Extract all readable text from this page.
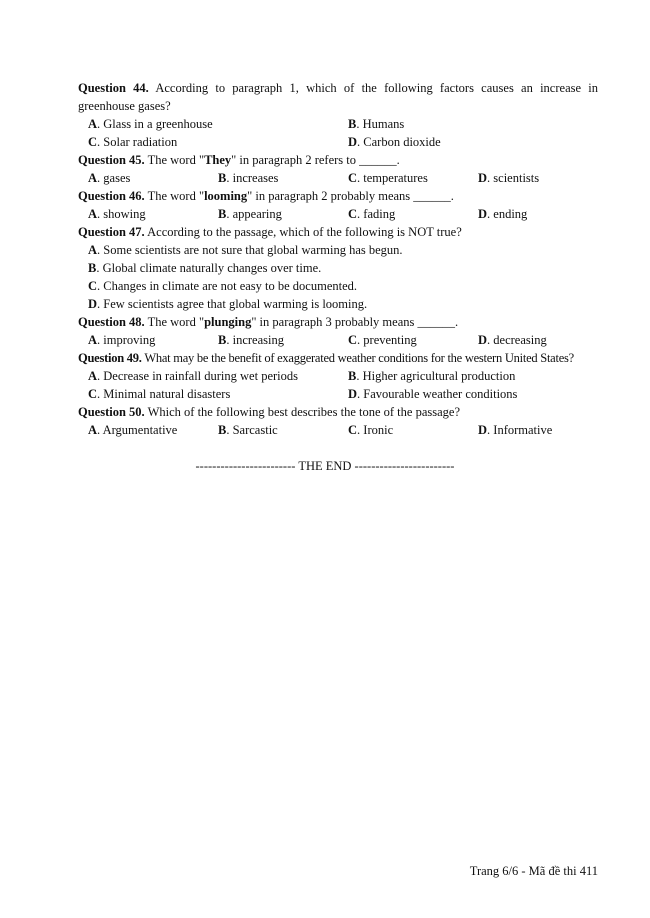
Question 44. According to paragraph 1, which of the following factors causes an increase in greenhouse gases?
A. Glass in a greenhouse	B. Humans
C. Solar radiation	D. Carbon dioxide
Question 45. The word "They" in paragraph 2 refers to ______.
A. gases	B. increases	C. temperatures	D. scientists
Question 46. The word "looming" in paragraph 2 probably means ______.
A. showing	B. appearing	C. fading	D. ending
Question 47. According to the passage, which of the following is NOT true?
A. Some scientists are not sure that global warming has begun.
B. Global climate naturally changes over time.
C. Changes in climate are not easy to be documented.
D. Few scientists agree that global warming is looming.
Question 48. The word "plunging" in paragraph 3 probably means ______.
A. improving	B. increasing	C. preventing	D. decreasing
Question 49. What may be the benefit of exaggerated weather conditions for the western United States?
A. Decrease in rainfall during wet periods	B. Higher agricultural production
C. Minimal natural disasters	D. Favourable weather conditions
Question 50. Which of the following best describes the tone of the passage?
A. Argumentative	B. Sarcastic	C. Ironic	D. Informative
------------------------ THE END ------------------------
Trang 6/6 - Mã đề thi 411
